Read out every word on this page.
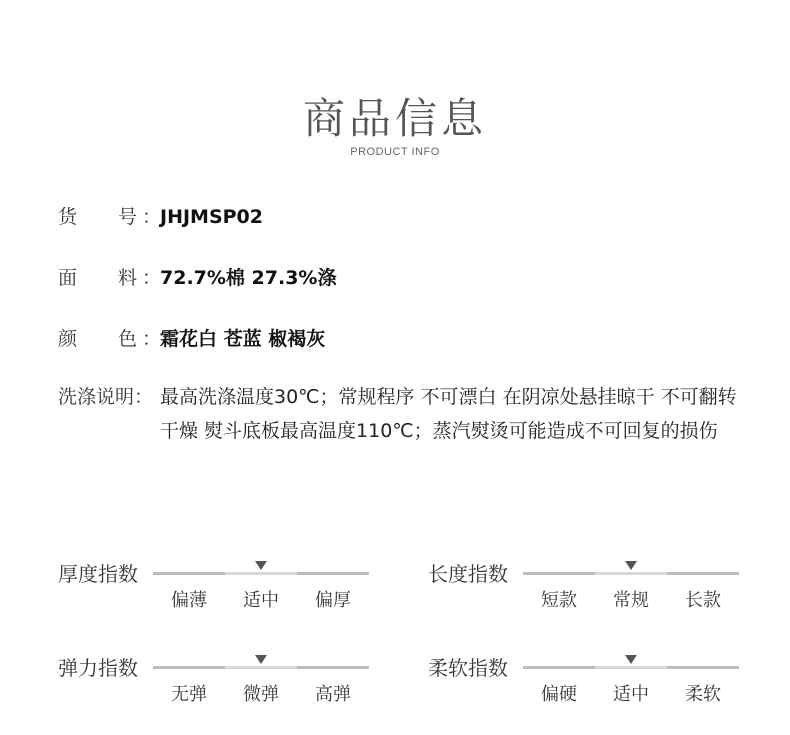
商品信息
PRODUCT INFO
货 号 ：
JHJMSP02
面 料 ：
72.7%棉 27.3%涤
颜 色 ：
霜花白 苍蓝 椒褐灰
洗涤说明： 最高洗涤温度30℃；常规程序 不可漂白 在阴凉处悬挂晾干 不可翻转干燥 熨斗底板最高温度110℃；蒸汽熨烫可能造成不可回复的损伤
厚度指数
偏薄	适中	偏厚
长度指数
短款	常规	长款
弹力指数
无弹	微弹	高弹
柔软指数
偏硬	适中	柔软
